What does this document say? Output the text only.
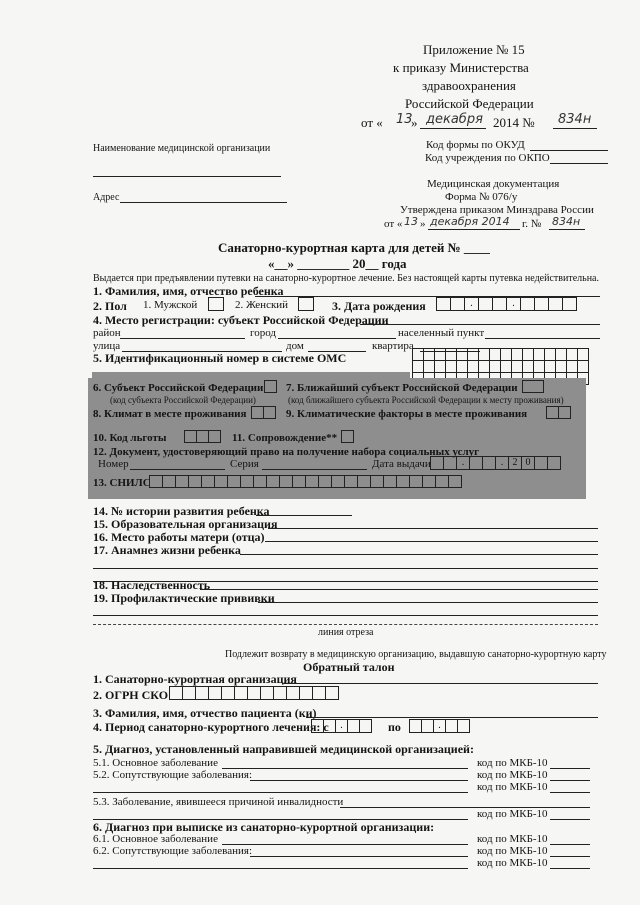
Приложение № 15
к приказу Министерства
здравоохранения
Российской Федерации
от « 13
» декабря 2014 № 834н
Наименование медицинской организации
Адрес
Код формы по ОКУД
Код учреждения по ОКПО
Медицинская документация
Форма № 076/у
Утверждена приказом Минздрава России
от « 13 » декабря 2014 г. № 834н
Санаторно-курортная карта для детей № ____
«__» ________ 20__ года
Выдается при предъявлении путевки на санаторно-курортное лечение. Без настоящей карты путевка недействительна.
1. Фамилия, имя, отчество ребенка
2. Пол 1. Мужской	2. Женский	3. Дата рождения	.	.
4. Место регистрации: субъект Российской Федерации
район	город	населенный пункт
улица	дом	квартира
5. Идентификационный номер в системе ОМС
6. Субъект Российской Федерации 7. Ближайший субъект Российской Федерации
(код субъекта Российской Федерации)	(код ближайшего субъекта Российской Федерации к месту проживания)
8. Климат в месте проживания	9. Климатические факторы в месте проживания
10. Код льготы	11. Сопровождение**
12. Документ, удостоверяющий право на получение набора социальных услуг
Номер	Серия	Дата выдачи	.	. 2 0
13. СНИЛС
14. № истории развития ребенка
15. Образовательная организация
16. Место работы матери (отца)
17. Анамнез жизни ребенка
18. Наследственность
19. Профилактические прививки
линия отреза
Подлежит возврату в медицинскую организацию, выдавшую санаторно-курортную карту
Обратный талон
1. Санаторно-курортная организация
2. ОГРН СКО
3. Фамилия, имя, отчество пациента (ки)
4. Период санаторно-курортного лечения: с	.	по	.
5. Диагноз, установленный направившей медицинской организацией:
5.1. Основное заболевание	код по МКБ-10
5.2. Сопутствующие заболевания:	код по МКБ-10
код по МКБ-10
5.3. Заболевание, явившееся причиной инвалидности
код по МКБ-10
6. Диагноз при выписке из санаторно-курортной организации:
6.1. Основное заболевание	код по МКБ-10
6.2. Сопутствующие заболевания:	код по МКБ-10
код по МКБ-10
